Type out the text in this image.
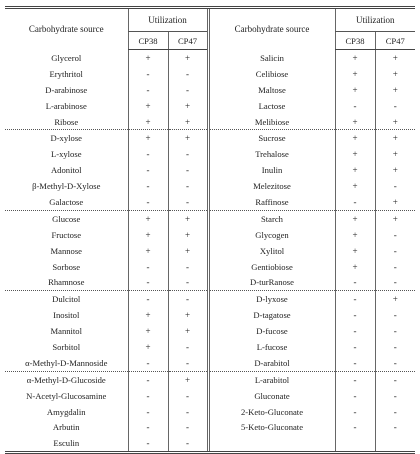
Carbohydrate source	Utilization		Carbohydrate source	Utilization	
	CP38	CP47		CP38	CP47
Glycerol	+	+	Salicin	+	+
Erythritol	-	-	Celibiose	+	+
D-arabinose	-	-	Maltose	+	+
L-arabinose	+	+	Lactose	-	-
Ribose	+	+	Melibiose	+	+
D-xylose	+	+	Sucrose	+	+
L-xylose	-	-	Trehalose	+	+
Adonitol	-	-	Inulin	+	+
β-Methyl-D-Xylose	-	-	Melezitose	+	-
Galactose	-	-	Raffinose	-	+
Glucose	+	+	Starch	+	+
Fructose	+	+	Glycogen	+	-
Mannose	+	+	Xylitol	+	-
Sorbose	-	-	Gentiobiose	+	-
Rhamnose	-	-	D-turRanose	-	-
Dulcitol	-	-	D-lyxose	-	+
Inositol	+	+	D-tagatose	-	-
Mannitol	+	+	D-fucose	-	-
Sorbitol	+	-	L-fucose	-	-
α-Methyl-D-Mannoside	-	-	D-arabitol	-	-
α-Methyl-D-Glucoside	-	+	L-arabitol	-	-
N-Acetyl-Glucosamine	-	-	Gluconate	-	-
Amygdalin	-	-	2-Keto-Gluconate	-	-
Arbutin	-	-	5-Keto-Gluconate	-	-
Esculin	-	-			
